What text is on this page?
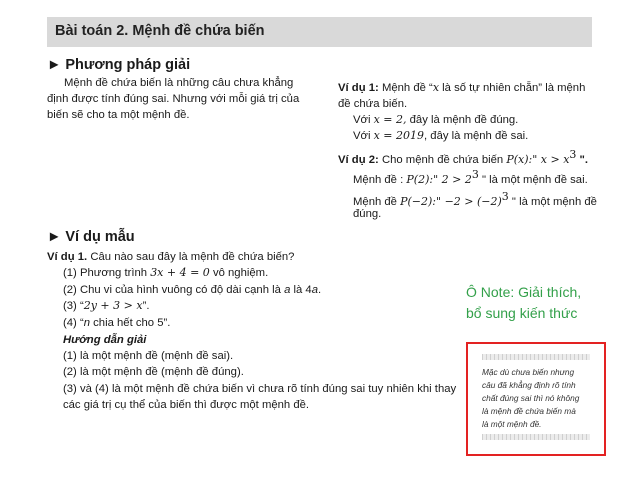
Bài toán 2. Mệnh đề chứa biến
► Phương pháp giải
Mệnh đề chứa biến là những câu chưa khẳng
định được tính đúng sai. Nhưng với mỗi giá trị của
biến sẽ cho ta một mệnh đề.
Ví dụ 1: Mệnh đề “x là số tự nhiên chẵn” là mệnh
đề chứa biến.
Với x = 2, đây là mệnh đề đúng.
Với x = 2019, đây là mệnh đề sai.
Ví dụ 2: Cho mệnh đề chứa biến P(x):" $x > x^3$ ".
Mệnh đề : P(2):" $2 > 2^3$ " là một mệnh đề sai.
Mệnh đề P(−2):" $-2 > (-2)^3$ " là một mệnh đề
đúng.
► Ví dụ mẫu
Ví dụ 1. Câu nào sau đây là mệnh đề chứa biến?
(1) Phương trình 3x + 4 = 0 vô nghiệm.
(2) Chu vi của hình vuông có độ dài cạnh là a là 4a.
(3) “2y + 3 > x”.
(4) “n chia hết cho 5”.
Hướng dẫn giải
(1) là một mệnh đề (mệnh đề sai).
(2) là một mệnh đề (mệnh đề đúng).
(3) và (4) là một mệnh đề chứa biến vì chưa rõ tính đúng sai tuy nhiên khi thay
các giá trị cụ thể của biến thì được một mệnh đề.
Ô Note: Giải thích,
bổ sung kiến thức
Mặc dù chưa biến nhưng
câu đã khẳng định rõ tính
chất đúng sai thì nó không
là mệnh đề chứa biến mà
là một mệnh đề.
